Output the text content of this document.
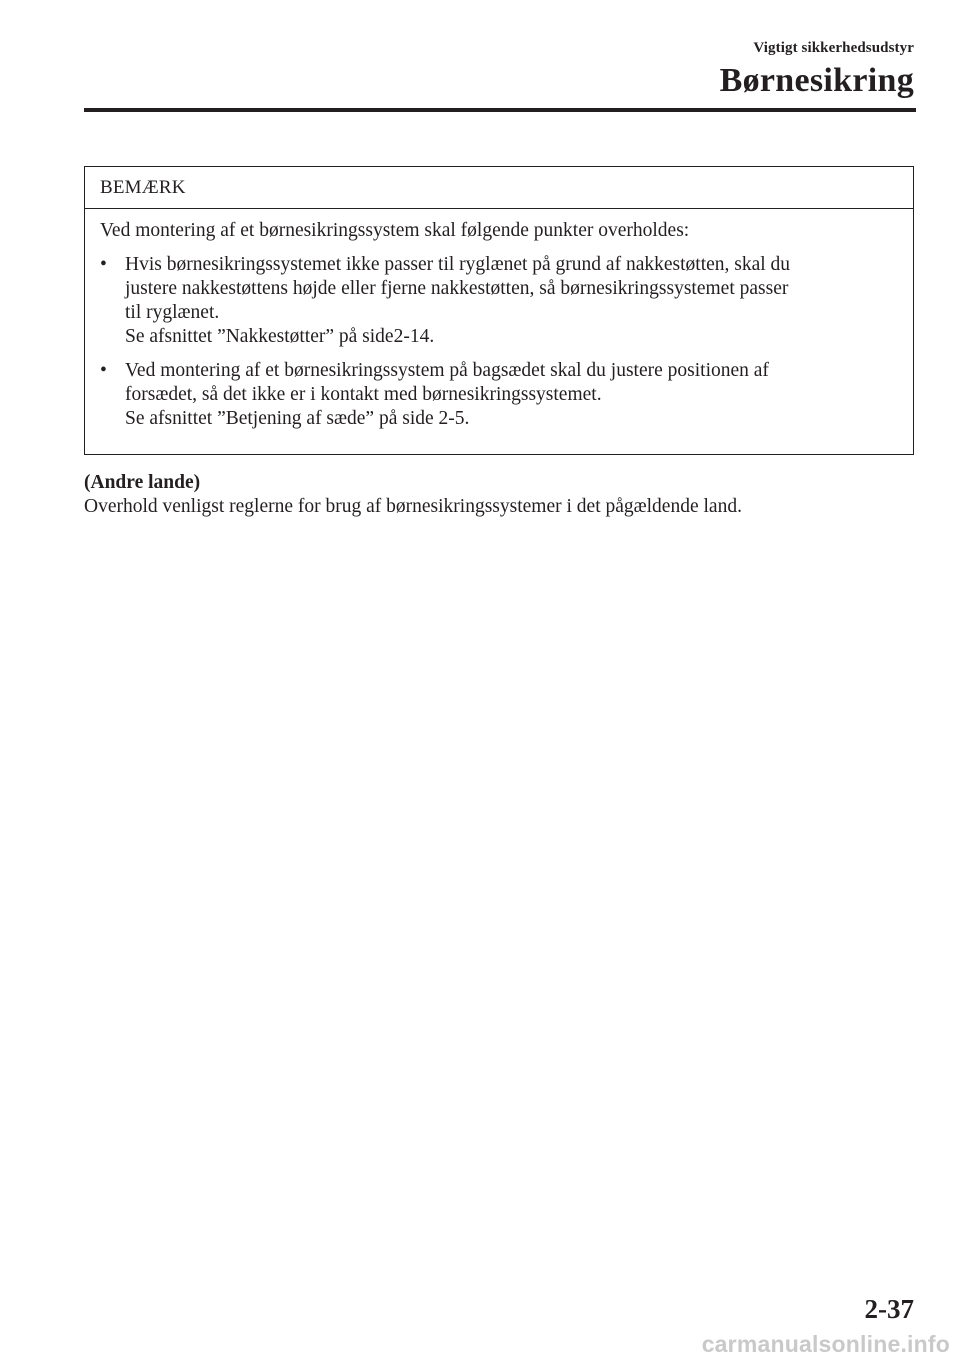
Vigtigt sikkerhedsudstyr
Børnesikring
BEMÆRK

Ved montering af et børnesikringssystem skal følgende punkter overholdes:

• Hvis børnesikringssystemet ikke passer til ryglænet på grund af nakkestøtten, skal du
justere nakkestøttens højde eller fjerne nakkestøtten, så børnesikringssystemet passer
til ryglænet.
Se afsnittet ”Nakkestøtter” på side2-14.
• Ved montering af et børnesikringssystem på bagsædet skal du justere positionen af
forsædet, så det ikke er i kontakt med børnesikringssystemet.
Se afsnittet ”Betjening af sæde” på side 2-5.
(Andre lande)
Overhold venligst reglerne for brug af børnesikringssystemer i det pågældende land.
2-37
carmanualsonline.info
